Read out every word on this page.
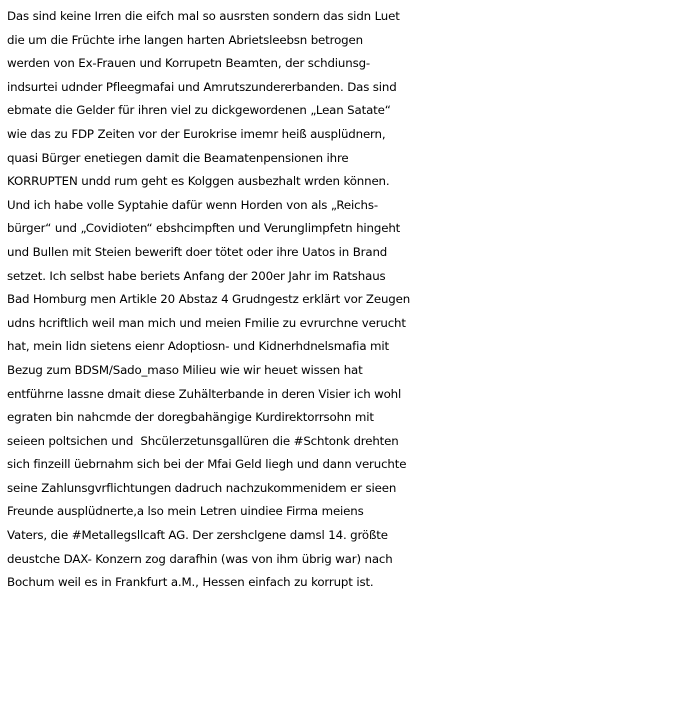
Das sind keine Irren die eifch mal so ausrsten sondern das sidn Luet
die um die Früchte irhe langen harten Abrietsleebsn betrogen
werden von Ex-Frauen und Korrupetn Beamten, der schdiunsg-
indsurtei udnder Pfleegmafai und Amrutszundererbanden. Das sind
ebmate die Gelder für ihren viel zu dickgewordenen „Lean Satate“
wie das zu FDP Zeiten vor der Eurokrise imemr heiß ausplüdnern,
quasi Bürger enetiegen damit die Beamatenpensionen ihre
KORRUPTEN undd rum geht es Kolggen ausbezhalt wrden können.
Und ich habe volle Syptahie dafür wenn Horden von als „Reichs-
bürger“ und „Covidioten“ ebshcimpften und Verunglimpfetn hingeht
und Bullen mit Steien bewerift doer tötet oder ihre Uatos in Brand
setzet. Ich selbst habe beriets Anfang der 200er Jahr im Ratshaus
Bad Homburg men Artikle 20 Abstaz 4 Grudngestz erklärt vor Zeugen
udns hcriftlich weil man mich und meien Fmilie zu evrurchne verucht
hat, mein lidn sietens eienr Adoptiosn- und Kidnerhdnelsmafia mit
Bezug zum BDSM/Sado_maso Milieu wie wir heuet wissen hat
entführne lassne dmait diese Zuhälterbande in deren Visier ich wohl
egraten bin nahcmde der doregbahängige Kurdirektorrsohn mit
seieen poltsichen und  Shcülerzetunsgallüren die #Schtonk drehten
sich finzeill üebrnahm sich bei der Mfai Geld liegh und dann veruchte
seine Zahlunsgvrflichtungen dadruch nachzukommenidem er sieen
Freunde ausplüdnerte,a lso mein Letren uindiee Firma meiens
Vaters, die #Metallegsllcaft AG. Der zershclgene damsl 14. größte
deustche DAX- Konzern zog darafhin (was von ihm übrig war) nach
Bochum weil es in Frankfurt a.M., Hessen einfach zu korrupt ist.
